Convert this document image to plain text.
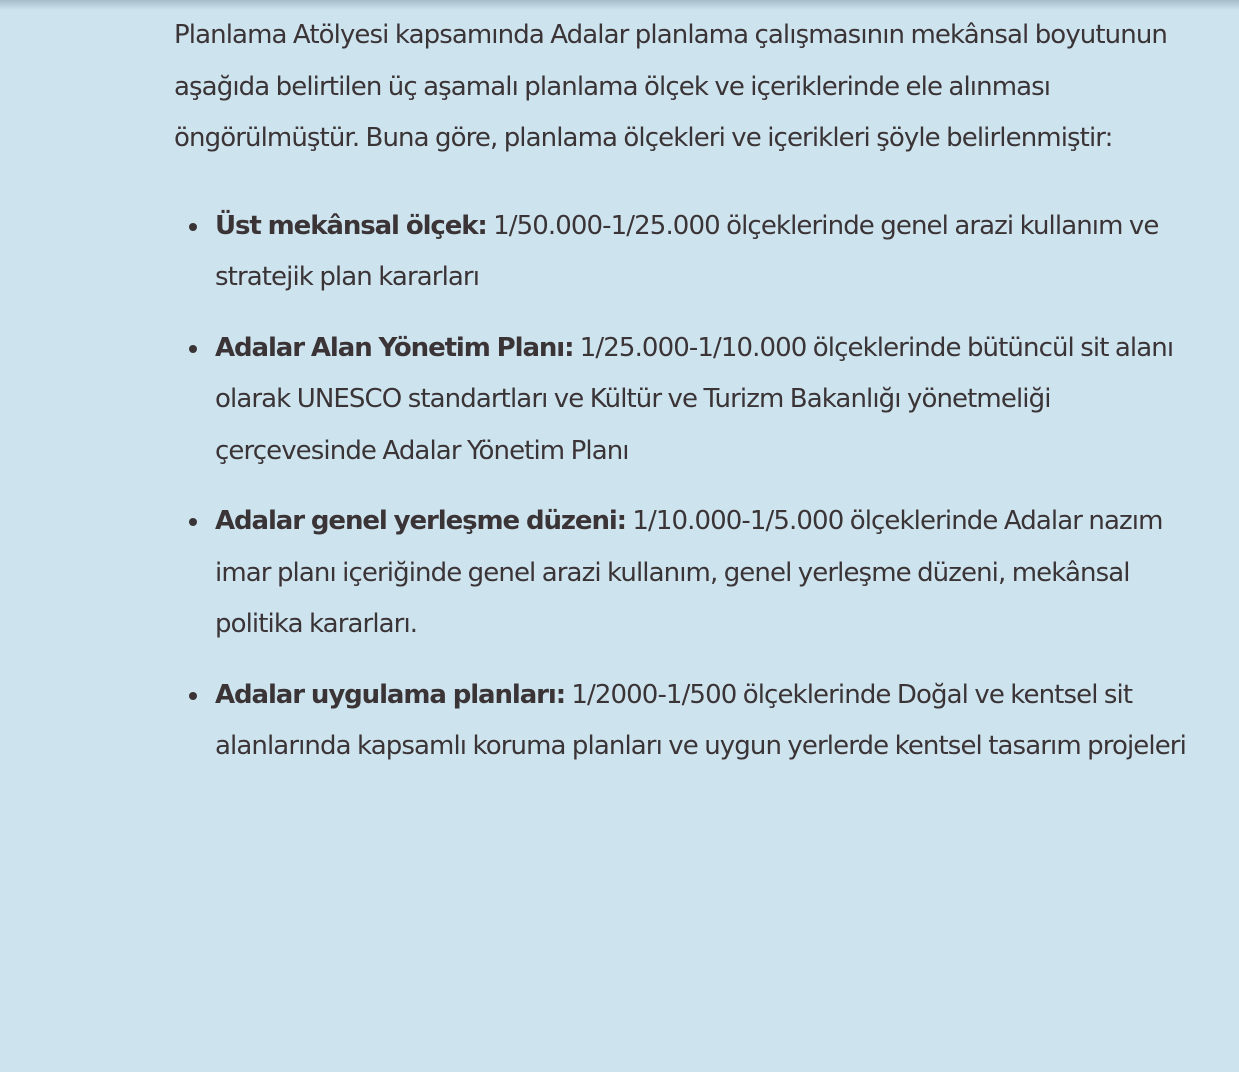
Planlama Atölyesi kapsamında Adalar planlama çalışmasının mekânsal boyutunun aşağıda belirtilen üç aşamalı planlama ölçek ve içeriklerinde ele alınması öngörülmüştür. Buna göre, planlama ölçekleri ve içerikleri şöyle belirlenmiştir:

Üst mekânsal ölçek: 1/50.000-1/25.000 ölçeklerinde genel arazi kullanım ve stratejik plan kararları
Adalar Alan Yönetim Planı: 1/25.000-1/10.000 ölçeklerinde bütüncül sit alanı olarak UNESCO standartları ve Kültür ve Turizm Bakanlığı yönetmeliği çerçevesinde Adalar Yönetim Planı
Adalar genel yerleşme düzeni: 1/10.000-1/5.000 ölçeklerinde Adalar nazım imar planı içeriğinde genel arazi kullanım, genel yerleşme düzeni, mekânsal politika kararları.
Adalar uygulama planları: 1/2000-1/500 ölçeklerinde Doğal ve kentsel sit alanlarında kapsamlı koruma planları ve uygun yerlerde kentsel tasarım projeleri
